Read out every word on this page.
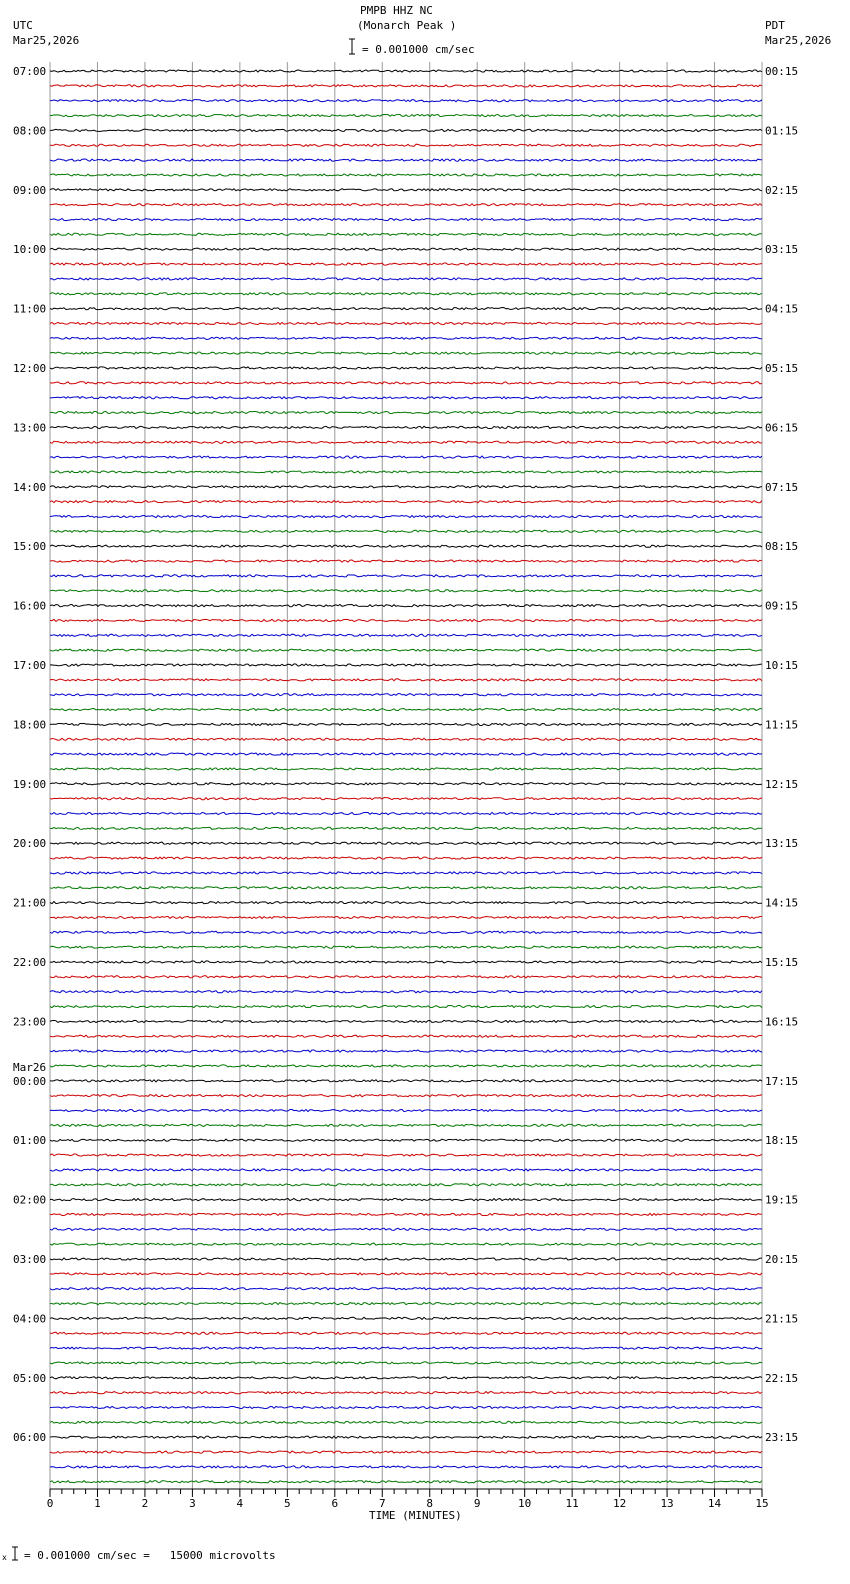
PMPB HHZ NC
(Monarch Peak )
= 0.001000 cm/sec
UTC
Mar25,2026
PDT
Mar25,2026
Mar26
TIME (MINUTES)
x = 0.001000 cm/sec =   15000 microvolts
07:00
08:00
09:00
10:00
11:00
12:00
13:00
14:00
15:00
16:00
17:00
18:00
19:00
20:00
21:00
22:00
23:00
00:00
01:00
02:00
03:00
04:00
05:00
06:00
00:15
01:15
02:15
03:15
04:15
05:15
06:15
07:15
08:15
09:15
10:15
11:15
12:15
13:15
14:15
15:15
16:15
17:15
18:15
19:15
20:15
21:15
22:15
23:15
0	1	2	3	4	5	6	7	8	9	10	11	12	13	14	15
